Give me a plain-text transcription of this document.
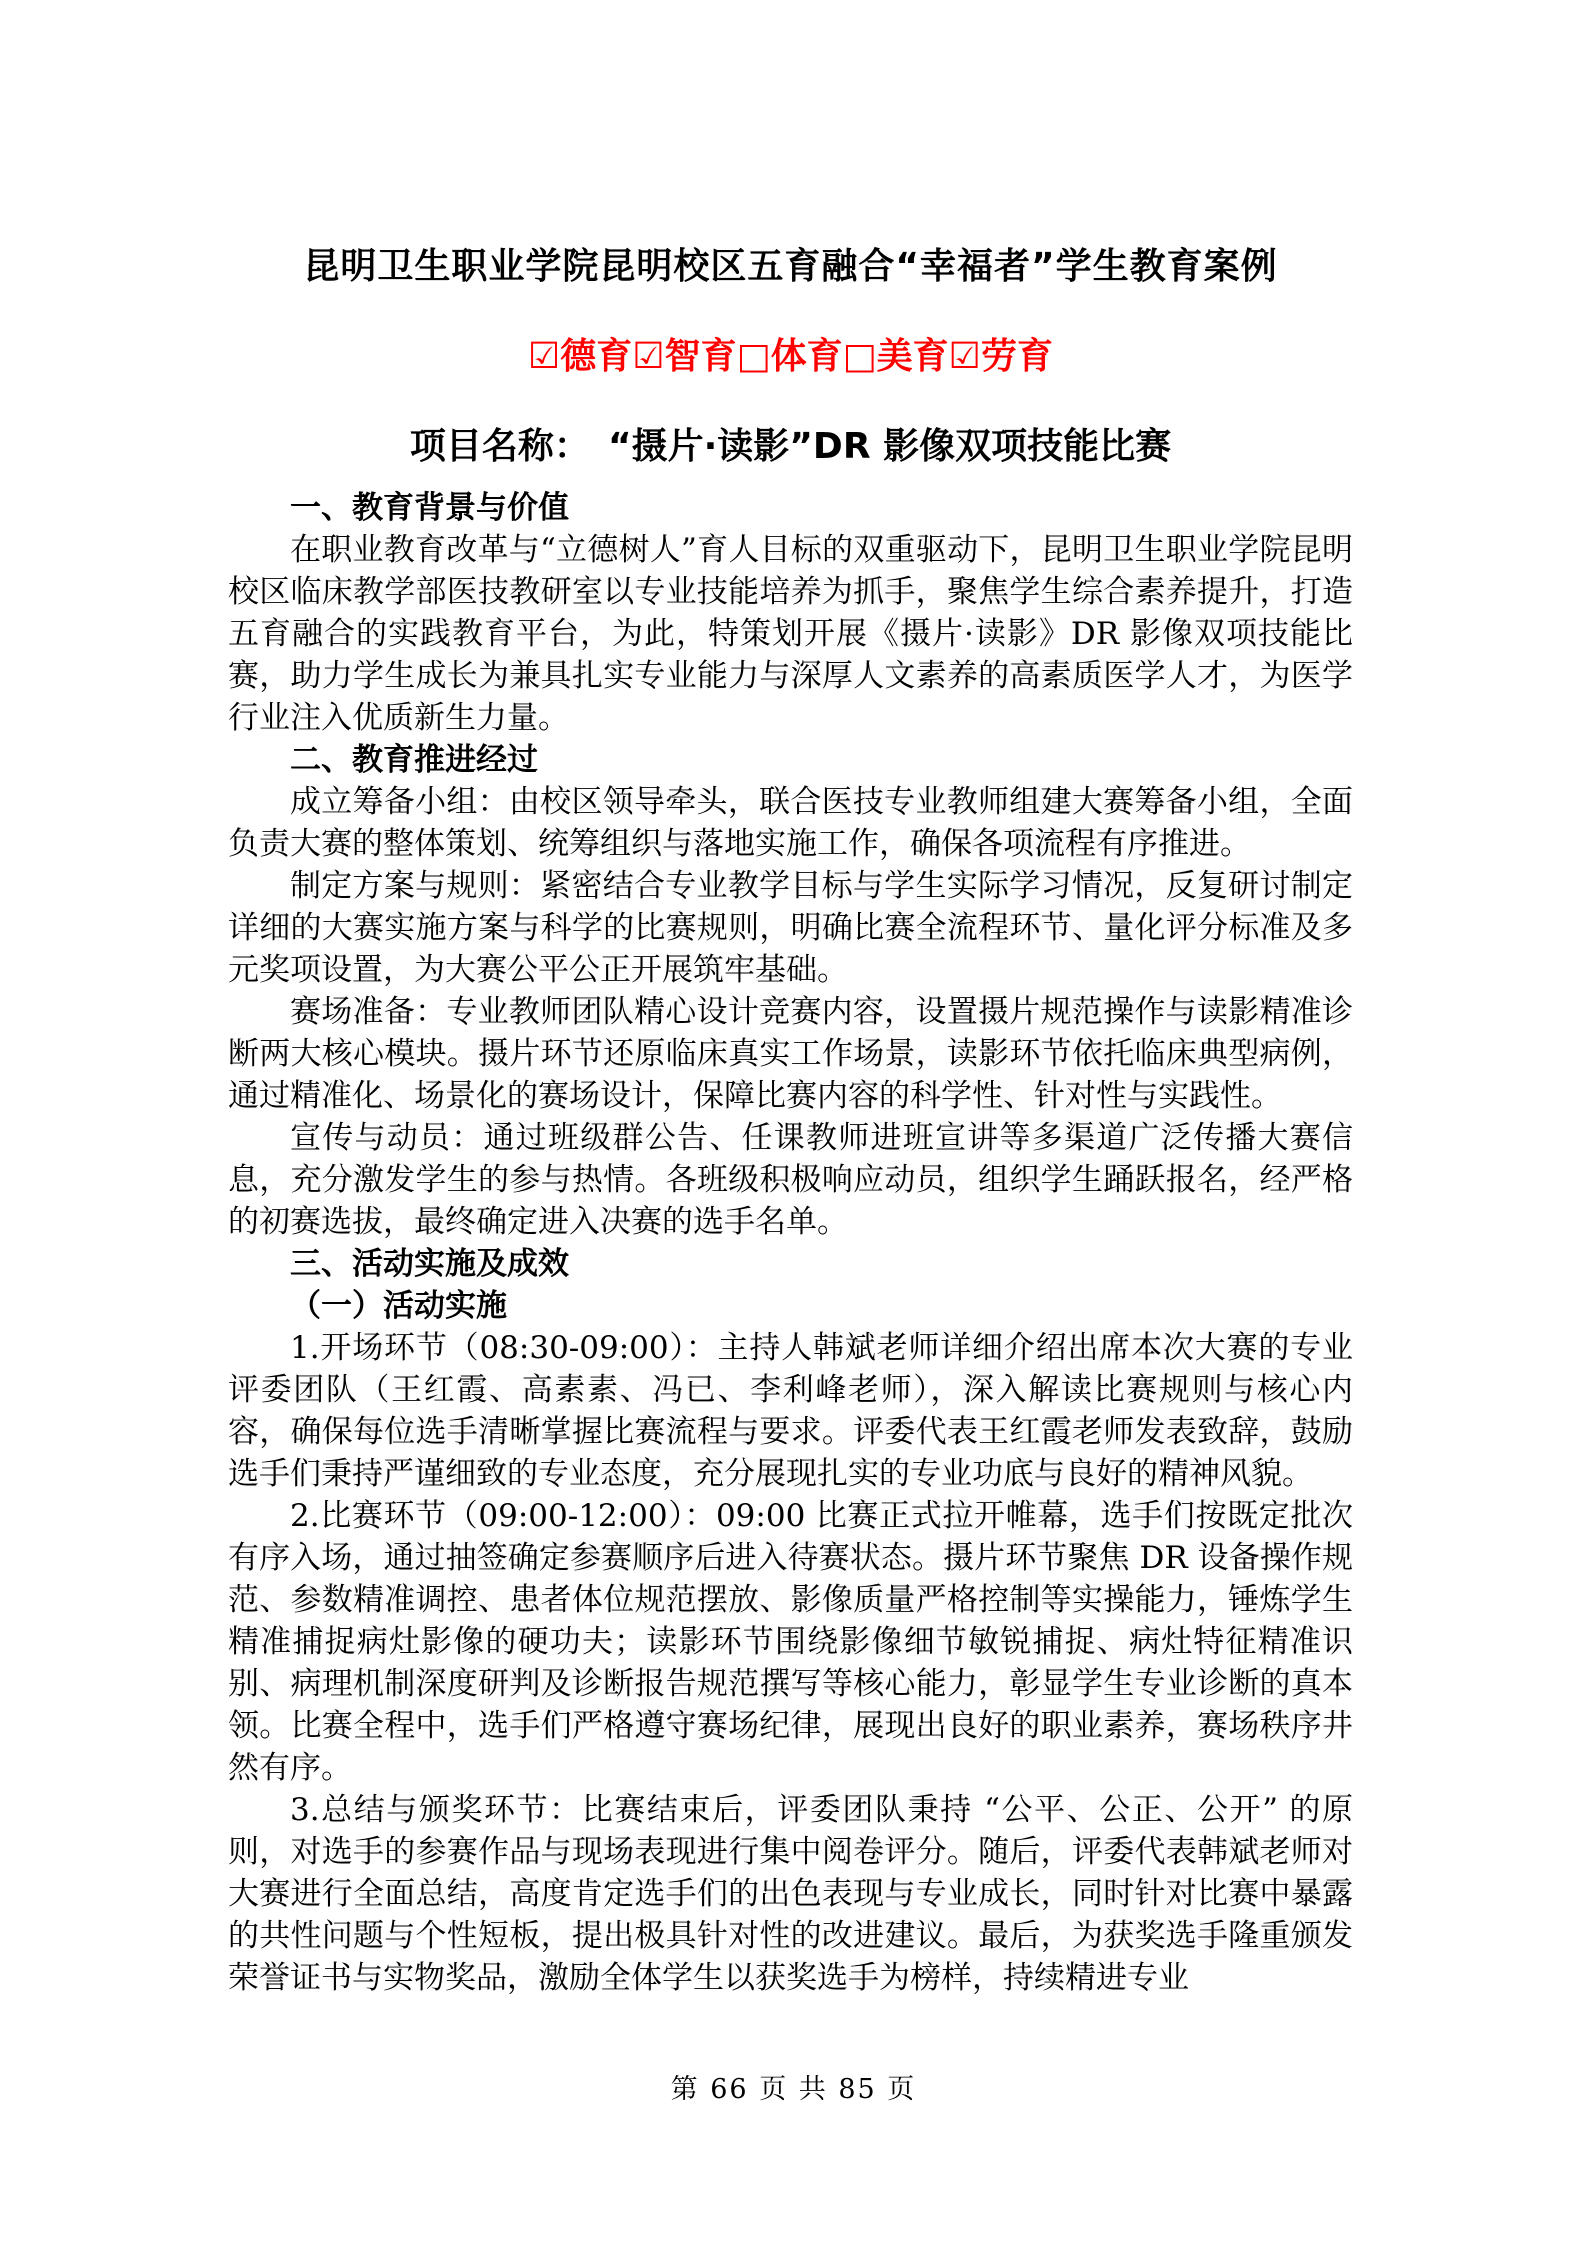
昆明卫生职业学院昆明校区五育融合“幸福者”学生教育案例
☑德育☑智育□体育□美育☑劳育
项目名称： “摄片·读影”DR 影像双项技能比赛
一、教育背景与价值

在职业教育改革与“立德树人”育人目标的双重驱动下，昆明卫生职业学院昆明校区临床教学部医技教研室以专业技能培养为抓手，聚焦学生综合素养提升，打造五育融合的实践教育平台，为此，特策划开展《摄片·读影》DR 影像双项技能比赛，助力学生成长为兼具扎实专业能力与深厚人文素养的高素质医学人才，为医学行业注入优质新生力量。

二、教育推进经过

成立筹备小组：由校区领导牵头，联合医技专业教师组建大赛筹备小组，全面负责大赛的整体策划、统筹组织与落地实施工作，确保各项流程有序推进。

制定方案与规则：紧密结合专业教学目标与学生实际学习情况，反复研讨制定详细的大赛实施方案与科学的比赛规则，明确比赛全流程环节、量化评分标准及多元奖项设置，为大赛公平公正开展筑牢基础。

赛场准备：专业教师团队精心设计竞赛内容，设置摄片规范操作与读影精准诊断两大核心模块。摄片环节还原临床真实工作场景，读影环节依托临床典型病例，通过精准化、场景化的赛场设计，保障比赛内容的科学性、针对性与实践性。

宣传与动员：通过班级群公告、任课教师进班宣讲等多渠道广泛传播大赛信息，充分激发学生的参与热情。各班级积极响应动员，组织学生踊跃报名，经严格的初赛选拔，最终确定进入决赛的选手名单。

三、活动实施及成效
（一）活动实施

1.开场环节（08:30-09:00）：主持人韩斌老师详细介绍出席本次大赛的专业评委团队（王红霞、高素素、冯已、李利峰老师），深入解读比赛规则与核心内容，确保每位选手清晰掌握比赛流程与要求。评委代表王红霞老师发表致辞，鼓励选手们秉持严谨细致的专业态度，充分展现扎实的专业功底与良好的精神风貌。

2.比赛环节（09:00-12:00）：09:00 比赛正式拉开帷幕，选手们按既定批次有序入场，通过抽签确定参赛顺序后进入待赛状态。摄片环节聚焦 DR 设备操作规范、参数精准调控、患者体位规范摆放、影像质量严格控制等实操能力，锤炼学生精准捕捉病灶影像的硬功夫；读影环节围绕影像细节敏锐捕捉、病灶特征精准识别、病理机制深度研判及诊断报告规范撰写等核心能力，彰显学生专业诊断的真本领。比赛全程中，选手们严格遵守赛场纪律，展现出良好的职业素养，赛场秩序井然有序。

3.总结与颁奖环节：比赛结束后，评委团队秉持 “公平、公正、公开” 的原则，对选手的参赛作品与现场表现进行集中阅卷评分。随后，评委代表韩斌老师对大赛进行全面总结，高度肯定选手们的出色表现与专业成长，同时针对比赛中暴露的共性问题与个性短板，提出极具针对性的改进建议。最后，为获奖选手隆重颁发荣誉证书与实物奖品，激励全体学生以获奖选手为榜样，持续精进专业

第 66 页 共 85 页
